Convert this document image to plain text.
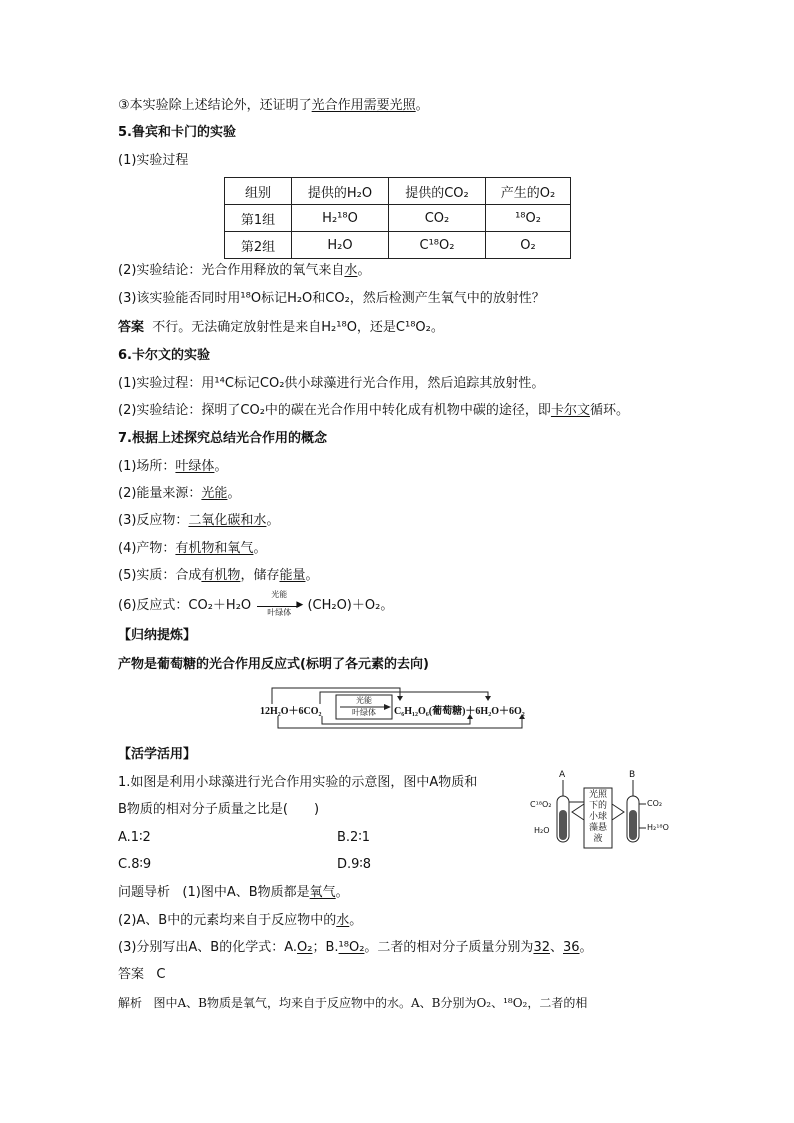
③本实验除上述结论外，还证明了光合作用需要光照。
5.鲁宾和卡门的实验
(1)实验过程
组别	提供的H₂O	提供的CO₂	产生的O₂
第1组	H₂¹⁸O	CO₂	¹⁸O₂
第2组	H₂O	C¹⁸O₂	O₂
(2)实验结论：光合作用释放的氧气来自水。
(3)该实验能否同时用¹⁸O标记H₂O和CO₂，然后检测产生氧气中的放射性？
答案 不行。无法确定放射性是来自H₂¹⁸O，还是C¹⁸O₂。
6.卡尔文的实验
(1)实验过程：用¹⁴C标记CO₂供小球藻进行光合作用，然后追踪其放射性。
(2)实验结论：探明了CO₂中的碳在光合作用中转化成有机物中碳的途径，即卡尔文循环。
7.根据上述探究总结光合作用的概念
(1)场所：叶绿体。
(2)能量来源：光能。
(3)反应物：二氧化碳和水。
(4)产物：有机物和氧气。
(5)实质：合成有机物，储存能量。
(6)反应式：CO₂＋H₂O
光能
▶
叶绿体	(CH₂O)＋O₂。
【归纳提炼】
产物是葡萄糖的光合作用反应式(标明了各元素的去向)
12H₂O＋6CO₂
光能
叶绿体	C₆H₁₂O₆(葡萄糖)＋6H₂O＋6O₂
【活学活用】
1.如图是利用小球藻进行光合作用实验的示意图，图中A物质和
B物质的相对分子质量之比是(　　)
A.1∶2	B.2∶1
C.8∶9	D.9∶8
A	B
C¹⁸O₂
H₂O
CO₂
H₂¹⁸O
光照
下的
小球
藻悬
液
问题导析 (1)图中A、B物质都是氧气。
(2)A、B中的元素均来自于反应物中的水。
(3)分别写出A、B的化学式：A.O₂；B.¹⁸O₂。二者的相对分子质量分别为32、36。
答案 C
解析 图中A、B物质是氧气，均来自于反应物中的水。A、B分别为O₂、¹⁸O₂，二者的相
